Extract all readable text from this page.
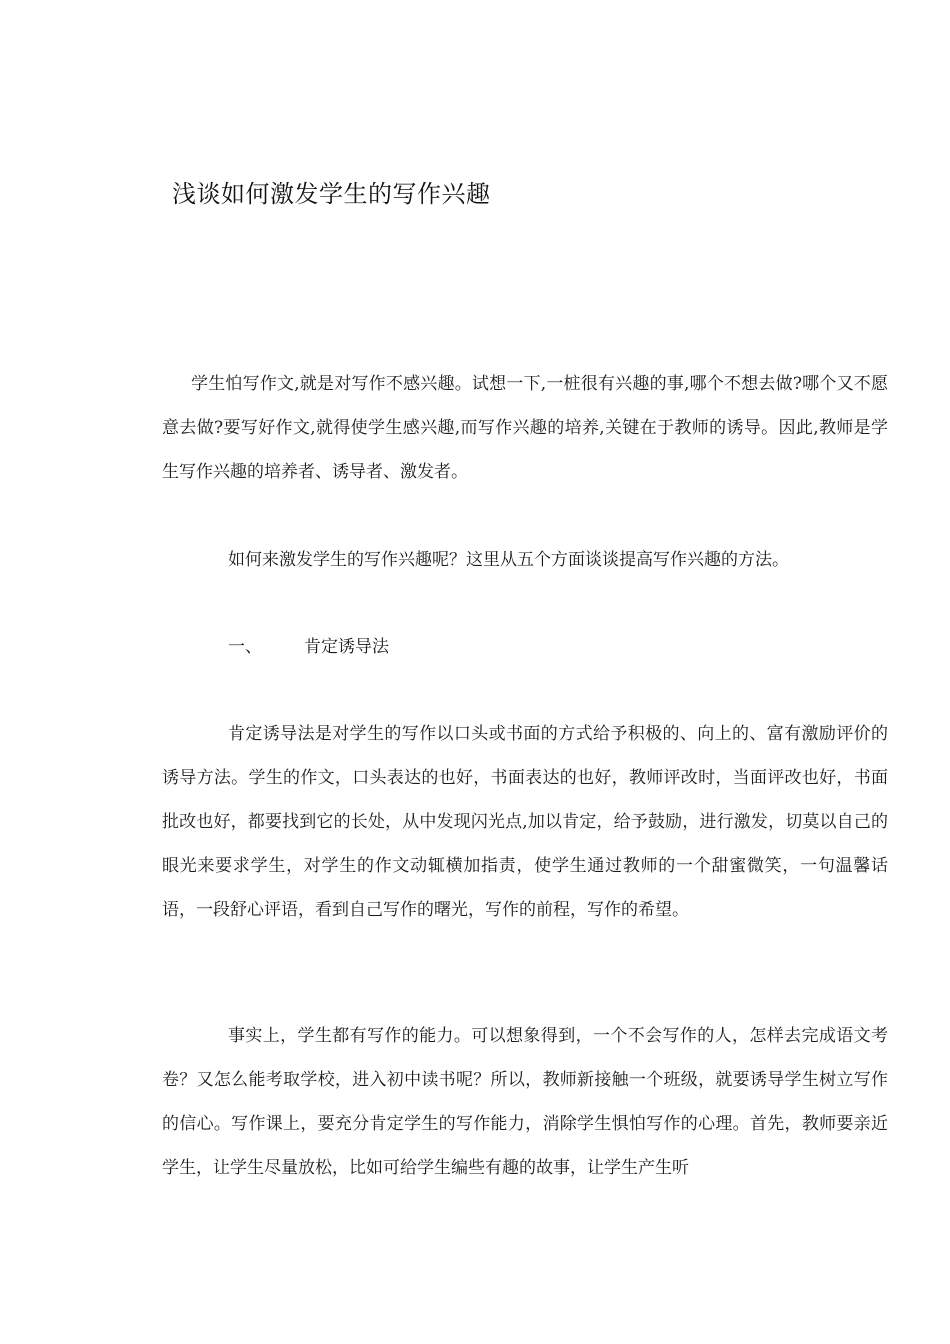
浅谈如何激发学生的写作兴趣

学生怕写作文,就是对写作不感兴趣。试想一下,一桩很有兴趣的事,哪个不想去做?哪个又不愿意去做?要写好作文,就得使学生感兴趣,而写作兴趣的培养,关键在于教师的诱导。因此,教师是学生写作兴趣的培养者、诱导者、激发者。

如何来激发学生的写作兴趣呢？这里从五个方面谈谈提高写作兴趣的方法。

一、 肯定诱导法

肯定诱导法是对学生的写作以口头或书面的方式给予积极的、向上的、富有激励评价的诱导方法。学生的作文，口头表达的也好，书面表达的也好，教师评改时，当面评改也好，书面批改也好，都要找到它的长处，从中发现闪光点,加以肯定，给予鼓励，进行激发，切莫以自己的眼光来要求学生，对学生的作文动辄横加指责，使学生通过教师的一个甜蜜微笑，一句温馨话语，一段舒心评语，看到自己写作的曙光，写作的前程，写作的希望。

事实上，学生都有写作的能力。可以想象得到，一个不会写作的人，怎样去完成语文考卷？又怎么能考取学校，进入初中读书呢？所以，教师新接触一个班级，就要诱导学生树立写作的信心。写作课上，要充分肯定学生的写作能力，消除学生惧怕写作的心理。首先，教师要亲近学生，让学生尽量放松，比如可给学生编些有趣的故事，让学生产生听
